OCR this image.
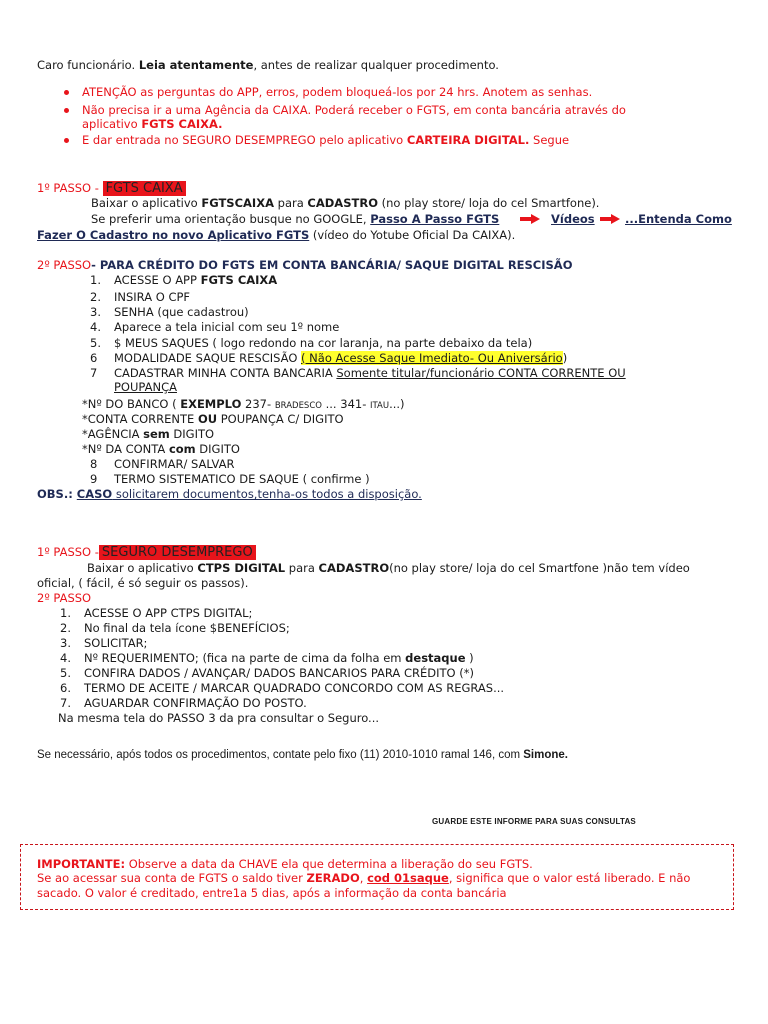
Caro funcionário. Leia atentamente, antes de realizar qualquer procedimento.
ATENÇÃO as perguntas do APP, erros, podem bloqueá-los por 24 hrs. Anotem as senhas.
Não precisa ir a uma Agência da CAIXA. Poderá receber o FGTS, em conta bancária através do
aplicativo FGTS CAIXA.
E dar entrada no SEGURO DESEMPREGO pelo aplicativo CARTEIRA DIGITAL. Segue
1º PASSO - FGTS CAIXA
Baixar o aplicativo FGTSCAIXA para CADASTRO (no play store/ loja do cel Smartfone).
Se preferir uma orientação busque no GOOGLE, Passo A Passo FGTS	Vídeos	...Entenda Como
Fazer O Cadastro no novo Aplicativo FGTS (vídeo do Yotube Oficial Da CAIXA).
2º PASSO- PARA CRÉDITO DO FGTS EM CONTA BANCÁRIA/ SAQUE DIGITAL RESCISÃO
1. ACESSE O APP FGTS CAIXA
2. INSIRA O CPF
3. SENHA (que cadastrou)
4. Aparece a tela inicial com seu 1º nome
5. $ MEUS SAQUES ( logo redondo na cor laranja, na parte debaixo da tela)
6 MODALIDADE SAQUE RESCISÃO ( Não Acesse Saque Imediato- Ou Aniversário)
7 CADASTRAR MINHA CONTA BANCARIA Somente titular/funcionário CONTA CORRENTE OU
POUPANÇA
*Nº DO BANCO ( EXEMPLO 237- BRADESCO ... 341- ITAU...)
*CONTA CORRENTE OU POUPANÇA C/ DIGITO
*AGÊNCIA sem DIGITO
*Nº DA CONTA com DIGITO
8 CONFIRMAR/ SALVAR
9 TERMO SISTEMATICO DE SAQUE ( confirme )
OBS.: CASO solicitarem documentos,tenha-os todos a disposição.
1º PASSO - SEGURO DESEMPREGO
Baixar o aplicativo CTPS DIGITAL para CADASTRO(no play store/ loja do cel Smartfone )não tem vídeo
oficial, ( fácil, é só seguir os passos).
2º PASSO
1. ACESSE O APP CTPS DIGITAL;
2. No final da tela ícone $BENEFÍCIOS;
3. SOLICITAR;
4. Nº REQUERIMENTO; (fica na parte de cima da folha em destaque )
5. CONFIRA DADOS / AVANÇAR/ DADOS BANCARIOS PARA CRÉDITO (*)
6. TERMO DE ACEITE / MARCAR QUADRADO CONCORDO COM AS REGRAS...
7. AGUARDAR CONFIRMAÇÃO DO POSTO.
Na mesma tela do PASSO 3 da pra consultar o Seguro...
Se necessário, após todos os procedimentos, contate pelo fixo (11) 2010-1010 ramal 146, com Simone.
GUARDE ESTE INFORME PARA SUAS CONSULTAS
IMPORTANTE: Observe a data da CHAVE ela que determina a liberação do seu FGTS.
Se ao acessar sua conta de FGTS o saldo tiver ZERADO, cod 01saque, significa que o valor está liberado. E não
sacado. O valor é creditado, entre1a 5 dias, após a informação da conta bancária
